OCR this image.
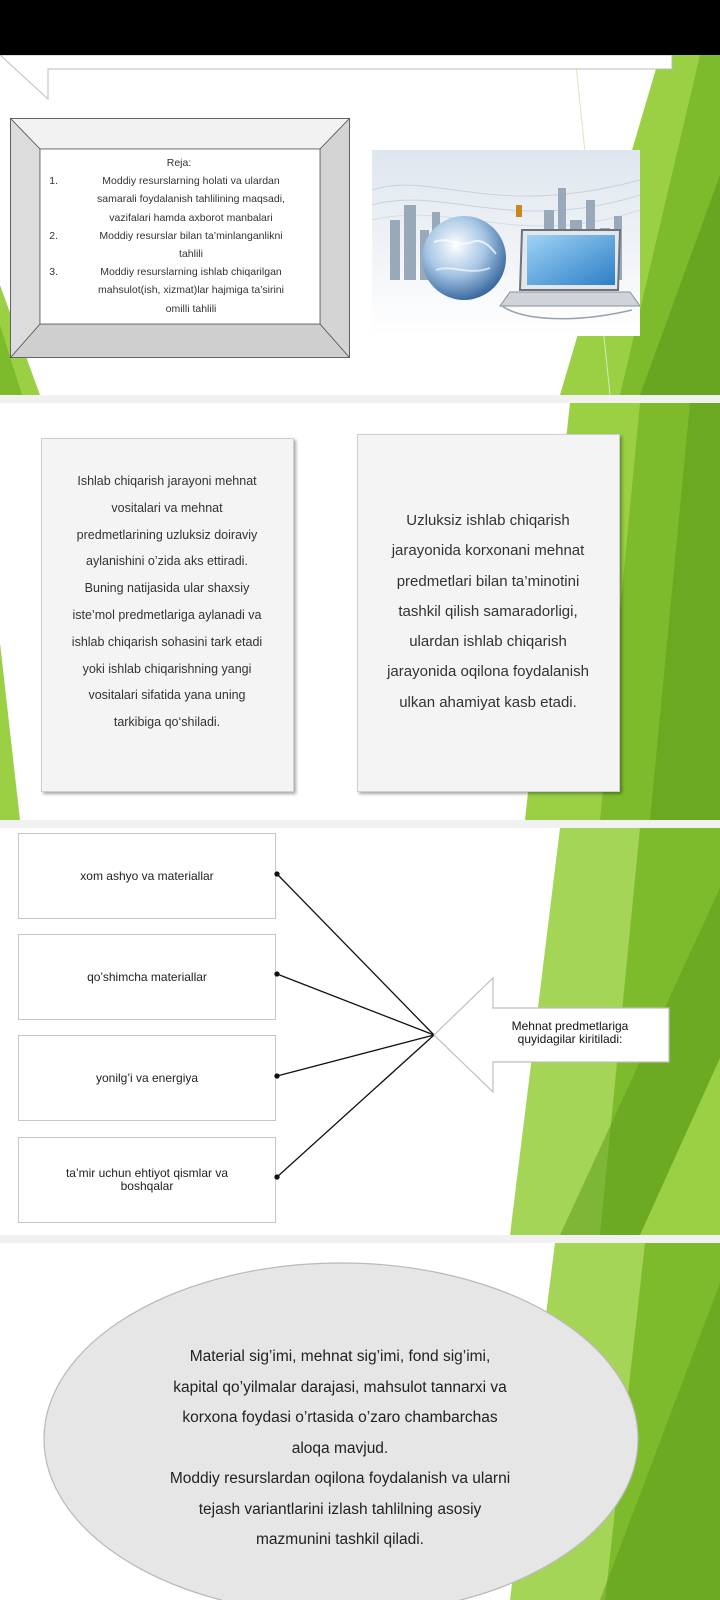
Reja:
1.	Moddiy resurslarning holati va ulardan
samarali foydalanish tahlilining maqsadi,
vazifalari hamda axborot manbalari
2.	Moddiy resurslar bilan ta’minlanganlikni
tahlili
3.	Moddiy resurslarning ishlab chiqarilgan
mahsulot(ish, xizmat)lar hajmiga ta’sirini
omilli tahlili
Ishlab chiqarish jarayoni mehnat
vositalari va mehnat
predmetlarining uzluksiz doiraviy
aylanishini o’zida aks ettiradi.
Buning natijasida ular shaxsiy
iste’mol predmetlariga aylanadi va
ishlab chiqarish sohasini tark etadi
yoki ishlab chiqarishning yangi
vositalari sifatida yana uning
tarkibiga qo‘shiladi.
Uzluksiz ishlab chiqarish
jarayonida korxonani mehnat
predmetlari bilan ta’minotini
tashkil qilish samaradorligi,
ulardan ishlab chiqarish
jarayonida oqilona foydalanish
ulkan ahamiyat kasb etadi.
xom ashyo va materiallar
qo’shimcha materiallar
yonilg’i va energiya
ta’mir uchun ehtiyot qismlar va
boshqalar
Mehnat predmetlariga
quyidagilar kiritiladi:
Material sig’imi, mehnat sig’imi, fond sig’imi,
kapital qo’yilmalar darajasi, mahsulot tannarxi va
korxona foydasi o’rtasida o’zaro chambarchas
aloqa mavjud.
Moddiy resurslardan oqilona foydalanish va ularni
tejash variantlarini izlash tahlilning asosiy
mazmunini tashkil qiladi.
